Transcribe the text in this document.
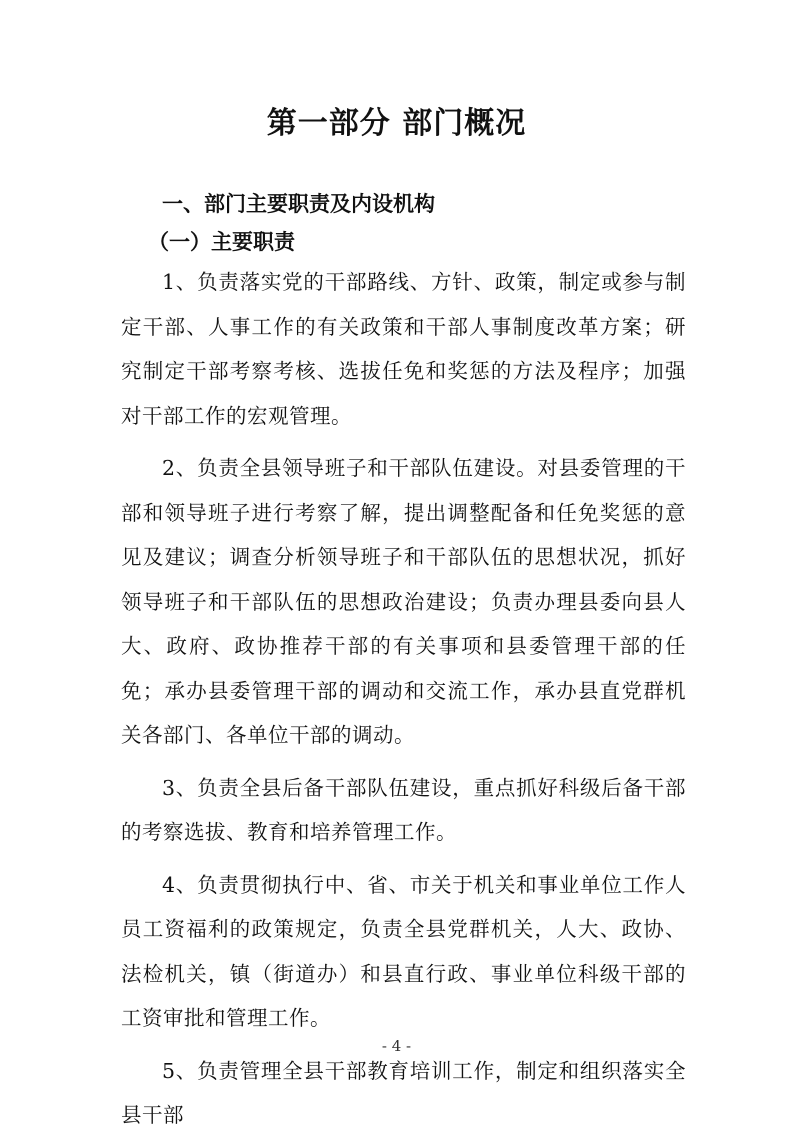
第一部分 部门概况
一、部门主要职责及内设机构
（一）主要职责

1、负责落实党的干部路线、方针、政策，制定或参与制定干部、人事工作的有关政策和干部人事制度改革方案；研究制定干部考察考核、选拔任免和奖惩的方法及程序；加强对干部工作的宏观管理。

2、负责全县领导班子和干部队伍建设。对县委管理的干部和领导班子进行考察了解，提出调整配备和任免奖惩的意见及建议；调查分析领导班子和干部队伍的思想状况，抓好领导班子和干部队伍的思想政治建设；负责办理县委向县人大、政府、政协推荐干部的有关事项和县委管理干部的任免；承办县委管理干部的调动和交流工作，承办县直党群机关各部门、各单位干部的调动。

3、负责全县后备干部队伍建设，重点抓好科级后备干部的考察选拔、教育和培养管理工作。

4、负责贯彻执行中、省、市关于机关和事业单位工作人员工资福利的政策规定，负责全县党群机关，人大、政协、法检机关，镇（街道办）和县直行政、事业单位科级干部的工资审批和管理工作。

5、负责管理全县干部教育培训工作，制定和组织落实全县干部

- 4 -
